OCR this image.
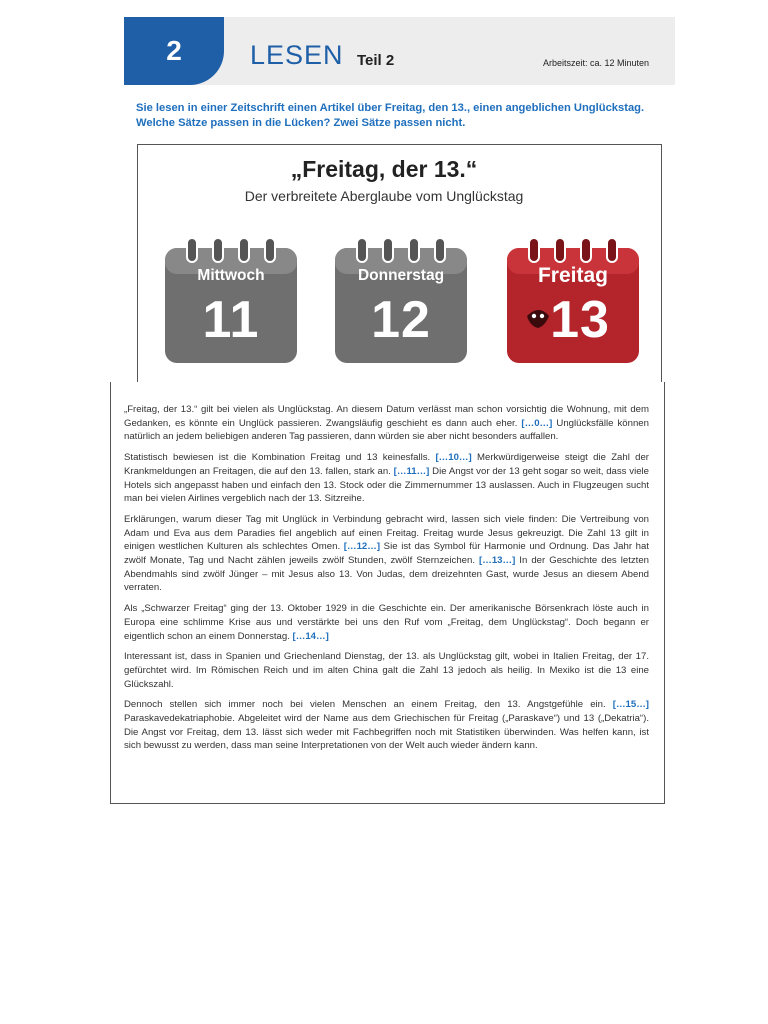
2	LESEN Teil 2	Arbeitszeit: ca. 12 Minuten
Sie lesen in einer Zeitschrift einen Artikel über Freitag, den 13., einen angeblichen Unglückstag. Welche Sätze passen in die Lücken? Zwei Sätze passen nicht.
„Freitag, der 13.“
Der verbreitete Aberglaube vom Unglückstag
Mittwoch
11
Donnerstag
12
Freitag
13

„Freitag, der 13.“ gilt bei vielen als Unglückstag. An diesem Datum verlässt man schon vorsichtig die Wohnung, mit dem Gedanken, es könnte ein Unglück passieren. Zwangsläufig geschieht es dann auch eher. […0…] Unglücksfälle können natürlich an jedem beliebigen anderen Tag passieren, dann würden sie aber nicht besonders auffallen.

Statistisch bewiesen ist die Kombination Freitag und 13 keinesfalls. […10…] Merkwürdigerweise steigt die Zahl der Krankmeldungen an Freitagen, die auf den 13. fallen, stark an. […11…] Die Angst vor der 13 geht sogar so weit, dass viele Hotels sich angepasst haben und einfach den 13. Stock oder die Zimmernummer 13 auslassen. Auch in Flugzeugen sucht man bei vielen Airlines vergeblich nach der 13. Sitzreihe.

Erklärungen, warum dieser Tag mit Unglück in Verbindung gebracht wird, lassen sich viele finden: Die Vertreibung von Adam und Eva aus dem Paradies fiel angeblich auf einen Freitag. Freitag wurde Jesus gekreuzigt. Die Zahl 13 gilt in einigen westlichen Kulturen als schlechtes Omen. […12…] Sie ist das Symbol für Harmonie und Ordnung. Das Jahr hat zwölf Monate, Tag und Nacht zählen jeweils zwölf Stunden, zwölf Sternzeichen. […13…] In der Geschichte des letzten Abendmahls sind zwölf Jünger – mit Jesus also 13. Von Judas, dem dreizehnten Gast, wurde Jesus an diesem Abend verraten.

Als „Schwarzer Freitag“ ging der 13. Oktober 1929 in die Geschichte ein. Der amerikanische Börsenkrach löste auch in Europa eine schlimme Krise aus und verstärkte bei uns den Ruf vom „Freitag, dem Unglückstag“. Doch begann er eigentlich schon an einem Donnerstag. […14…]

Interessant ist, dass in Spanien und Griechenland Dienstag, der 13. als Unglückstag gilt, wobei in Italien Freitag, der 17. gefürchtet wird. Im Römischen Reich und im alten China galt die Zahl 13 jedoch als heilig. In Mexiko ist die 13 eine Glückszahl.

Dennoch stellen sich immer noch bei vielen Menschen an einem Freitag, den 13. Angstgefühle ein. […15…] Paraskavedekatriaphobie. Abgeleitet wird der Name aus dem Griechischen für Freitag („Paraskave“) und 13 („Dekatria“). Die Angst vor Freitag, dem 13. lässt sich weder mit Fachbegriffen noch mit Statistiken überwinden. Was helfen kann, ist sich bewusst zu werden, dass man seine Interpretationen von der Welt auch wieder ändern kann.
